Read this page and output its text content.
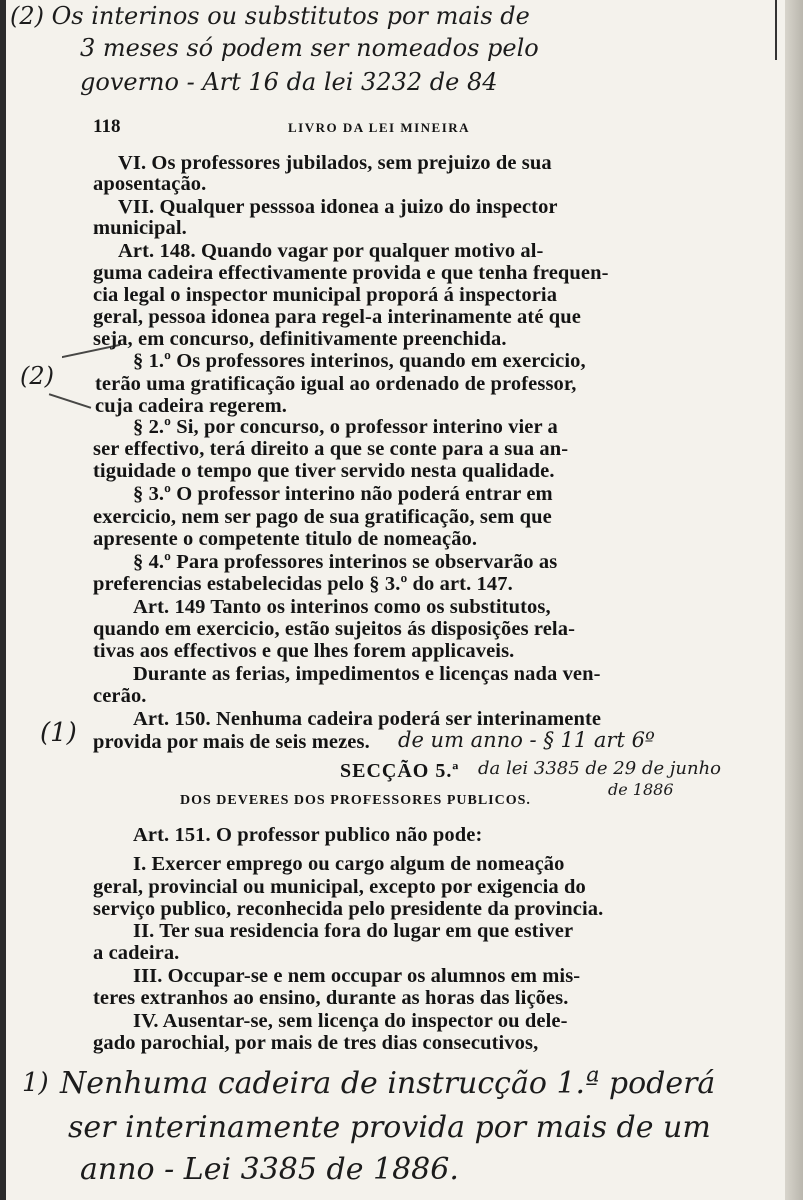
(2) Os interinos ou substitutos por mais de
3 meses só podem ser nomeados pelo
governo - Art 16 da lei 3232 de 84
118	LIVRO DA LEI MINEIRA
VI. Os professores jubilados, sem prejuizo de sua
aposentação.
VII. Qualquer pesssoa idonea a juizo do inspector
municipal.
Art. 148. Quando vagar por qualquer motivo al-
guma cadeira effectivamente provida e que tenha frequen-
cia legal o inspector municipal proporá á inspectoria
geral, pessoa idonea para regel-a interinamente até que
seja, em concurso, definitivamente preenchida.
§ 1.º Os professores interinos, quando em exercicio,
terão uma gratificação igual ao ordenado de professor,
cuja cadeira regerem.
§ 2.º Si, por concurso, o professor interino vier a
ser effectivo, terá direito a que se conte para a sua an-
tiguidade o tempo que tiver servido nesta qualidade.
§ 3.º O professor interino não poderá entrar em
exercicio, nem ser pago de sua gratificação, sem que
apresente o competente titulo de nomeação.
§ 4.º Para professores interinos se observarão as
preferencias estabelecidas pelo § 3.º do art. 147.
Art. 149 Tanto os interinos como os substitutos,
quando em exercicio, estão sujeitos ás disposições rela-
tivas aos effectivos e que lhes forem applicaveis.
Durante as ferias, impedimentos e licenças nada ven-
cerão.
Art. 150. Nenhuma cadeira poderá ser interinamente
provida por mais de seis mezes.
(2)
(1)	de um anno - § 11 art 6º
SECÇÃO 5.ª da lei 3385 de 29 de junho
de 1886
DOS DEVERES DOS PROFESSORES PUBLICOS.
Art. 151. O professor publico não pode:
I. Exercer emprego ou cargo algum de nomeação
geral, provincial ou municipal, excepto por exigencia do
serviço publico, reconhecida pelo presidente da provincia.
II. Ter sua residencia fora do lugar em que estiver
a cadeira.
III. Occupar-se e nem occupar os alumnos em mis-
teres extranhos ao ensino, durante as horas das lições.
IV. Ausentar-se, sem licença do inspector ou dele-
gado parochial, por mais de tres dias consecutivos,
1) Nenhuma cadeira de instrucção 1.ª poderá
ser interinamente provida por mais de um
anno - Lei 3385 de 1886.
